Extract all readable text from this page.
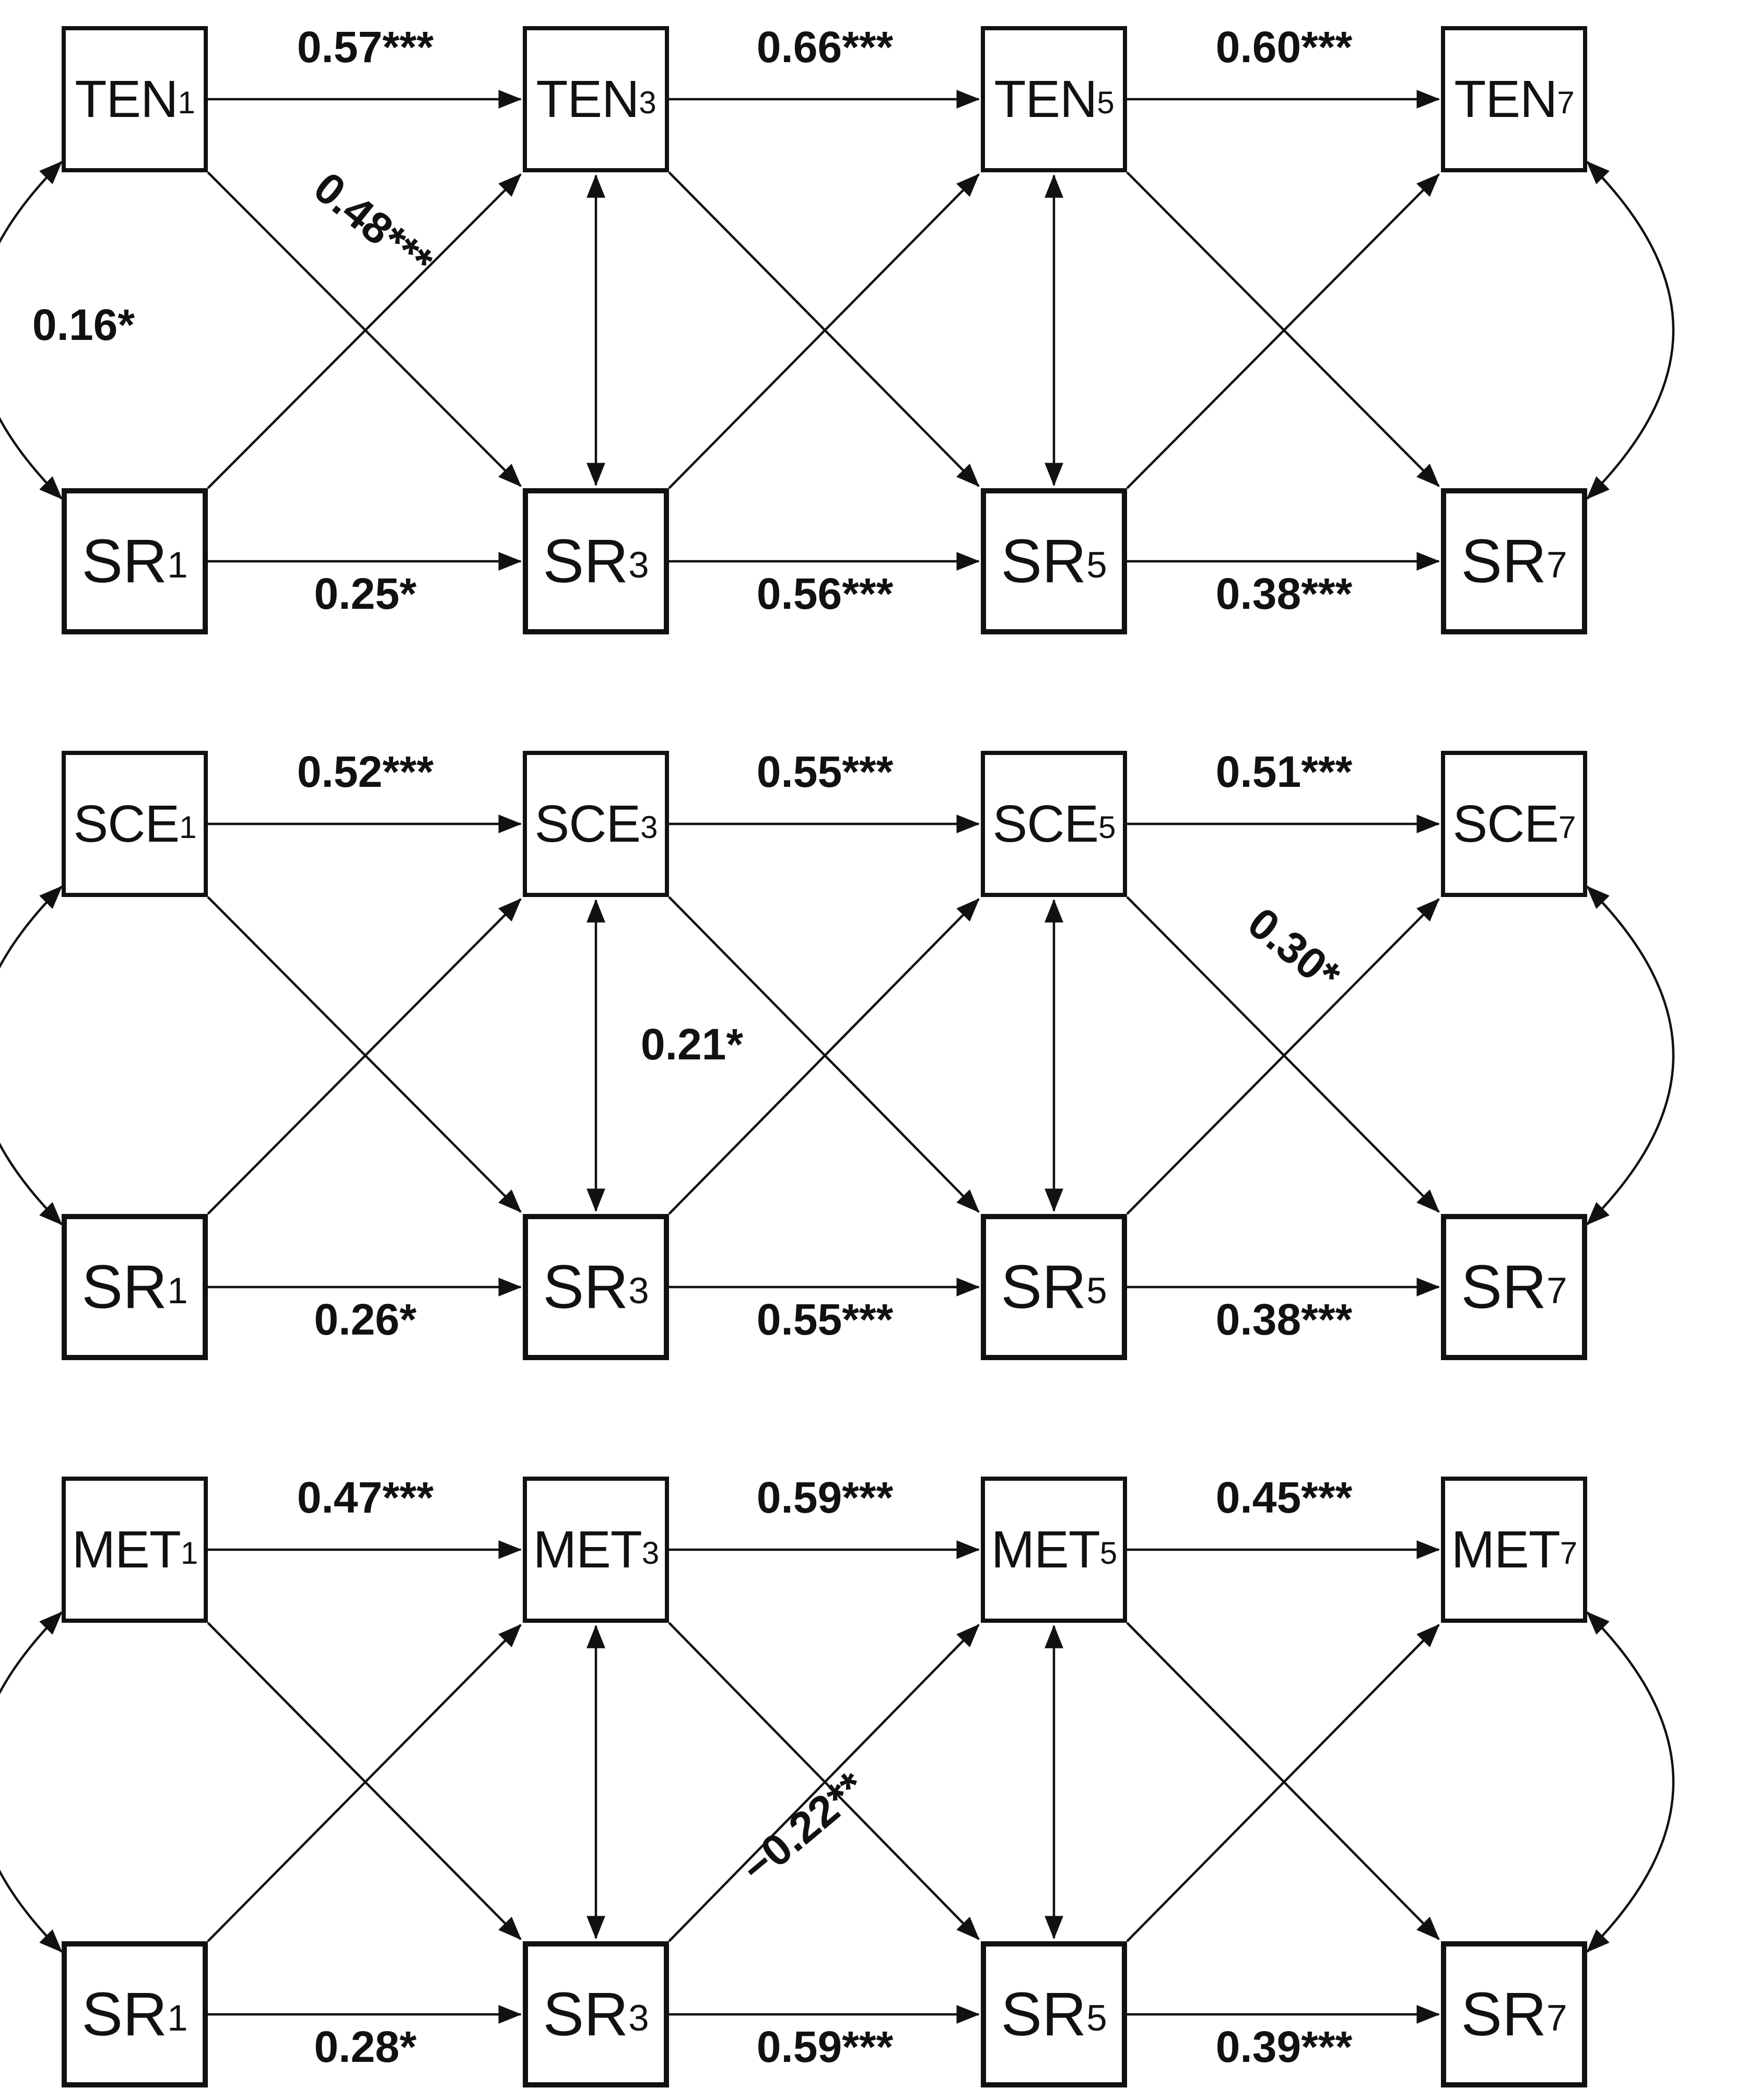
$TEN_1$
$SR_1$
$TEN_3$
$SR_3$
$TEN_5$
$SR_5$
$TEN_7$
$SR_7$
0.57***	0.66***	0.60***
0.48***
0.16*
0.25*	0.56***	0.38***
$SCE_1$
$SR_1$
$SCE_3$
$SR_3$
$SCE_5$
$SR_5$
$SCE_7$
$SR_7$
0.52***	0.55***	0.51***
0.30*
0.21*
0.26*	0.55***	0.38***
$MET_1$
$SR_1$
$MET_3$
$SR_3$
$MET_5$
$SR_5$
$MET_7$
$SR_7$
0.47***	0.59***	0.45***
−0.22**
0.28*	0.59***	0.39***
